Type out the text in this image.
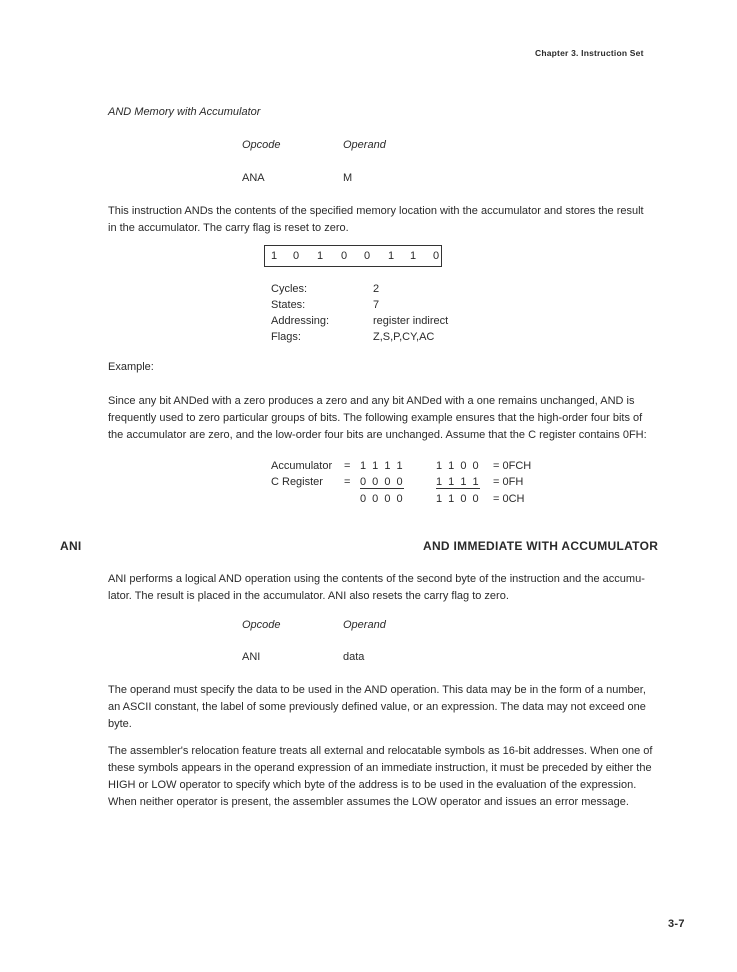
Chapter 3. Instruction Set
AND Memory with Accumulator
Opcode	Operand
ANA	M
This instruction ANDs the contents of the specified memory location with the accumulator and stores the result
in the accumulator. The carry flag is reset to zero.
1 0 1 0 0 1 1 0
Cycles:	2
States:	7
Addressing:	register indirect
Flags:	Z,S,P,CY,AC
Example:
Since any bit ANDed with a zero produces a zero and any bit ANDed with a one remains unchanged, AND is
frequently used to zero particular groups of bits. The following example ensures that the high-order four bits of
the accumulator are zero, and the low-order four bits are unchanged. Assume that the C register contains 0FH:
Accumulator = 1 1 1 1	1 1 0 0 = 0FCH
C Register = 0 0 0 0	1 1 1 1 = 0FH
0 0 0 0	1 1 0 0 = 0CH
ANI	AND IMMEDIATE WITH ACCUMULATOR
ANI performs a logical AND operation using the contents of the second byte of the instruction and the accumu-
lator. The result is placed in the accumulator. ANI also resets the carry flag to zero.
Opcode	Operand
ANI	data
The operand must specify the data to be used in the AND operation. This data may be in the form of a number,
an ASCII constant, the label of some previously defined value, or an expression. The data may not exceed one
byte.
The assembler's relocation feature treats all external and relocatable symbols as 16-bit addresses. When one of
these symbols appears in the operand expression of an immediate instruction, it must be preceded by either the
HIGH or LOW operator to specify which byte of the address is to be used in the evaluation of the expression.
When neither operator is present, the assembler assumes the LOW operator and issues an error message.
3-7
